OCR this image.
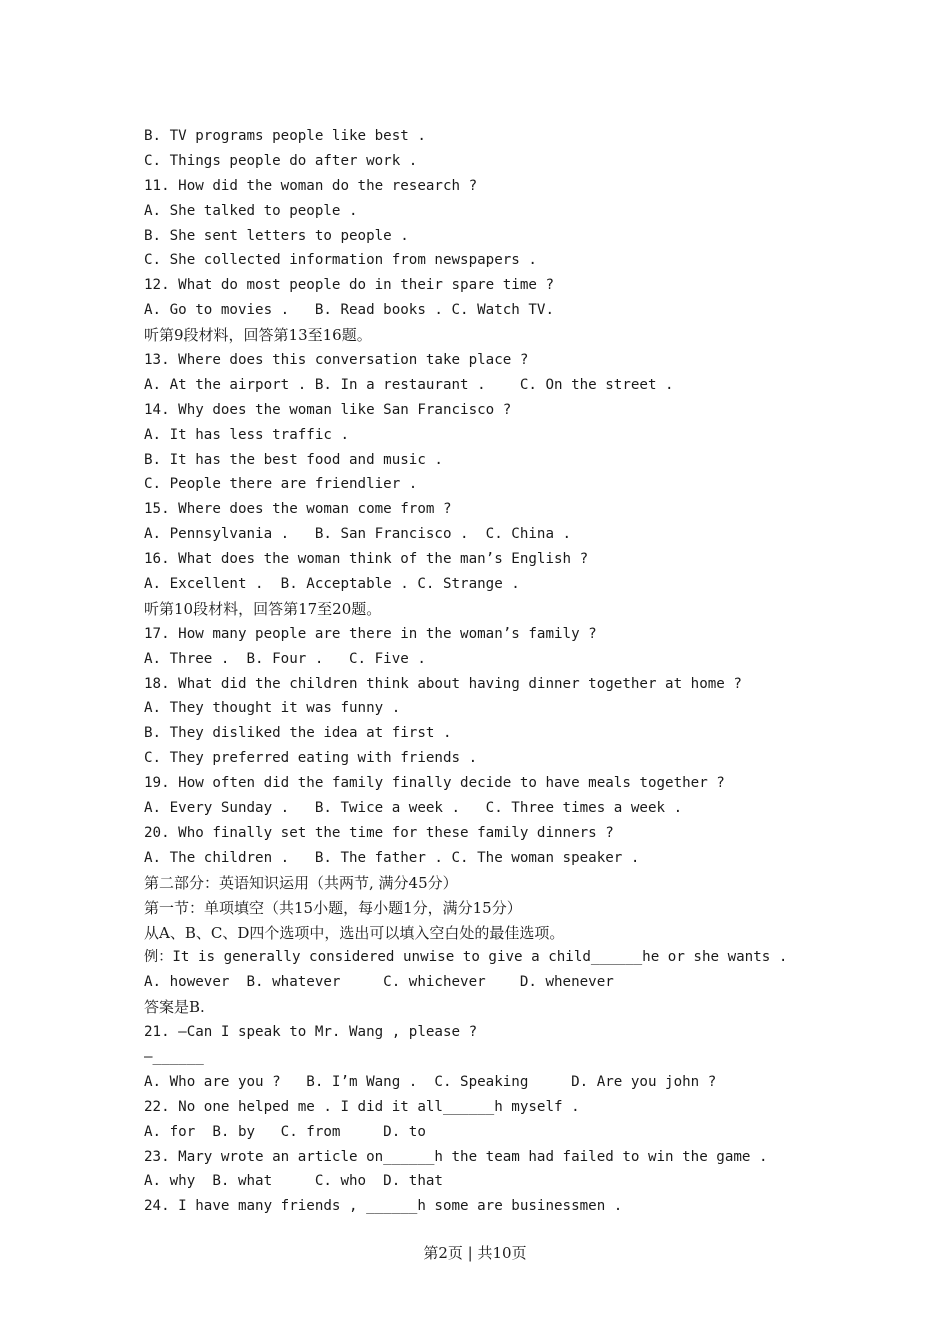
B. TV programs people like best .
C. Things people do after work .
11. How did the woman do the research ?
A. She talked to people .
B. She sent letters to people .
C. She collected information from newspapers .
12. What do most people do in their spare time ?
A. Go to movies .   B. Read books . C. Watch TV.
听第9段材料，回答第13至16题。
13. Where does this conversation take place ?
A. At the airport . B. In a restaurant .    C. On the street .
14. Why does the woman like San Francisco ?
A. It has less traffic .
B. It has the best food and music .
C. People there are friendlier .
15. Where does the woman come from ?
A. Pennsylvania .   B. San Francisco .  C. China .
16. What does the woman think of the man’s English ?
A. Excellent .  B. Acceptable . C. Strange .
听第10段材料，回答第17至20题。
17. How many people are there in the woman’s family ?
A. Three .  B. Four .   C. Five .
18. What did the children think about having dinner together at home ?
A. They thought it was funny .
B. They disliked the idea at first .
C. They preferred eating with friends .
19. How often did the family finally decide to have meals together ?
A. Every Sunday .   B. Twice a week .   C. Three times a week .
20. Who finally set the time for these family dinners ?
A. The children .   B. The father . C. The woman speaker .
第二部分：英语知识运用（共两节, 满分45分）
第一节：单项填空（共15小题，每小题1分，满分15分）
从A、B、C、D四个选项中，选出可以填入空白处的最佳选项。
例：It is generally considered unwise to give a child______he or she wants .
A. however  B. whatever     C. whichever    D. whenever
答案是B.
21. —Can I speak to Mr. Wang , please ?
—______
A. Who are you ?   B. I’m Wang .  C. Speaking     D. Are you john ?
22. No one helped me . I did it all______h myself .
A. for  B. by   C. from     D. to
23. Mary wrote an article on______h the team had failed to win the game .
A. why  B. what     C. who  D. that
24. I have many friends , ______h some are businessmen .
第2页 | 共10页
